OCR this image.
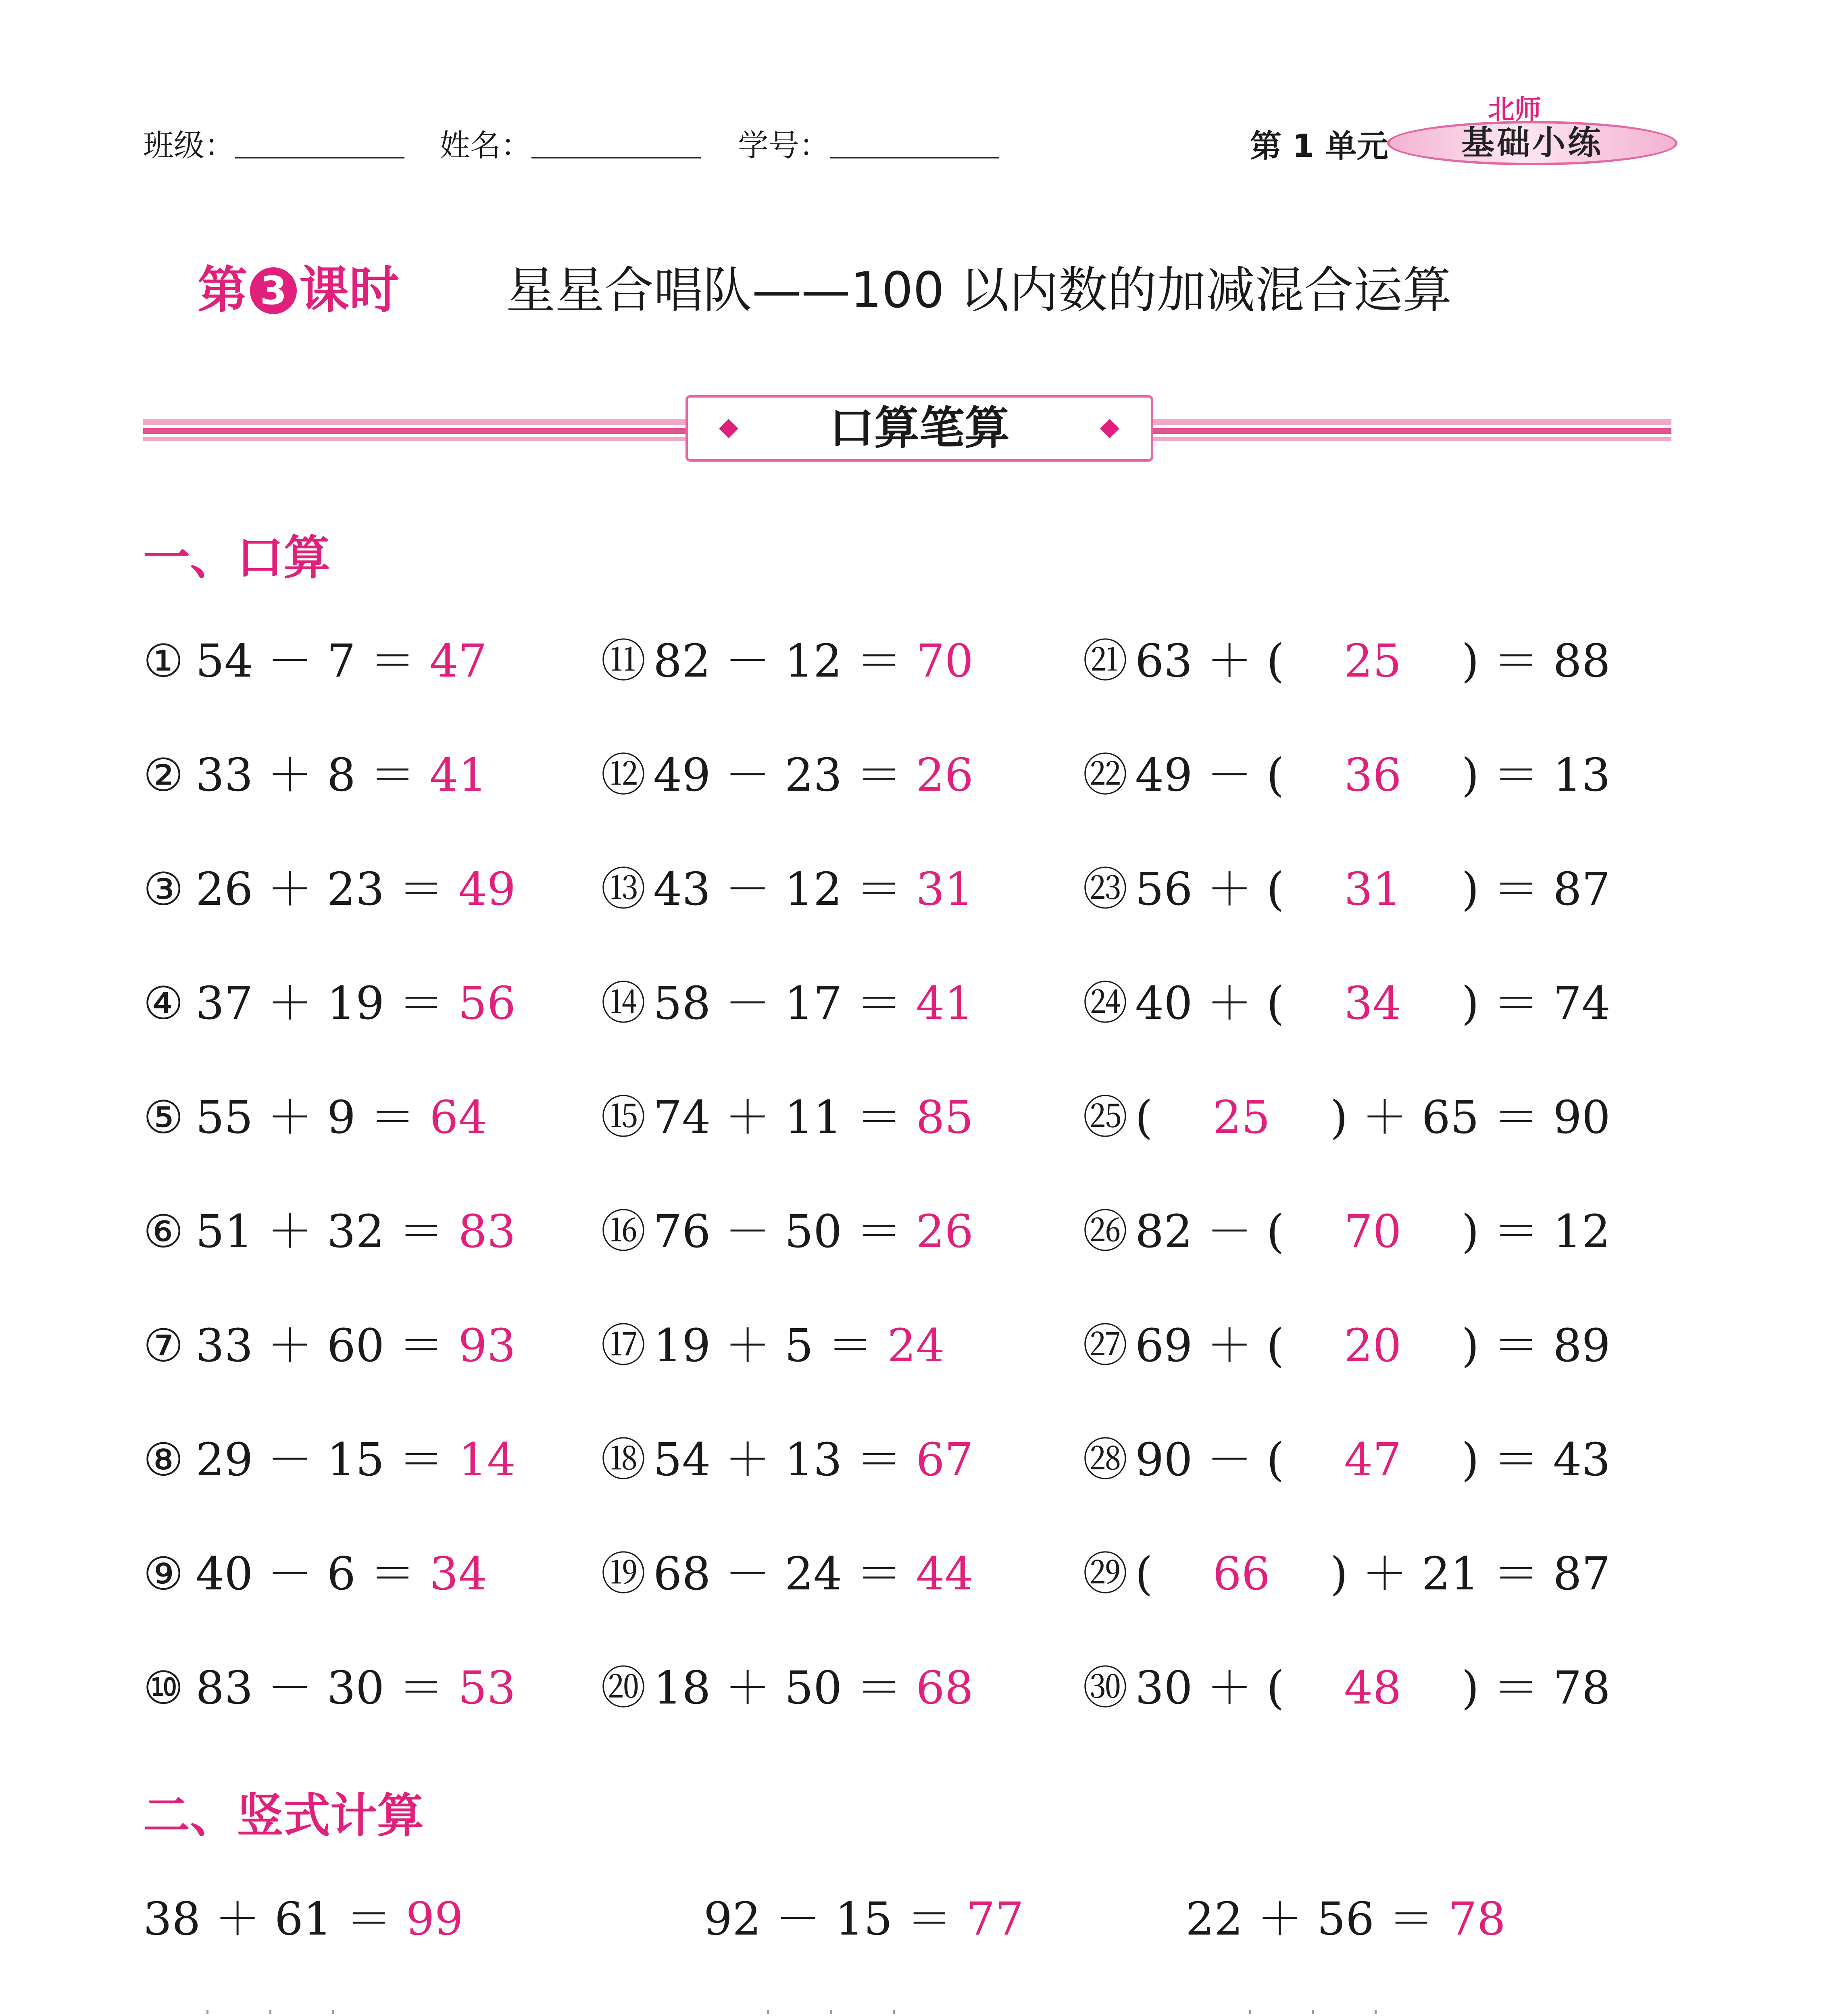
班级：	姓名：	学号：	第 1 单元
北师
基础小练
第 3 课时 星星合唱队——100 以内数的加减混合运算
口算笔算
一、口算
① 54 － 7 ＝ 47
② 33 ＋ 8 ＝ 41
③ 26 ＋ 23 ＝ 49
④ 37 ＋ 19 ＝ 56
⑤ 55 ＋ 9 ＝ 64
⑥ 51 ＋ 32 ＝ 83
⑦ 33 ＋ 60 ＝ 93
⑧ 29 － 15 ＝ 14
⑨ 40 － 6 ＝ 34
⑩ 83 － 30 ＝ 53
⑪ 82 － 12 ＝ 70
⑫ 49 － 23 ＝ 26
⑬ 43 － 12 ＝ 31
⑭ 58 － 17 ＝ 41
⑮ 74 ＋ 11 ＝ 85
⑯ 76 － 50 ＝ 26
⑰ 19 ＋ 5 ＝ 24
⑱ 54 ＋ 13 ＝ 67
⑲ 68 － 24 ＝ 44
⑳ 18 ＋ 50 ＝ 68
㉑ 63 ＋ ( 25 ) ＝ 88
㉒ 49 － ( 36 ) ＝ 13
㉓ 56 ＋ ( 31 ) ＝ 87
㉔ 40 ＋ ( 34 ) ＝ 74
㉕ ( 25 ) ＋ 65 ＝ 90
㉖ 82 － ( 70 ) ＝ 12
㉗ 69 ＋ ( 20 ) ＝ 89
㉘ 90 － ( 47 ) ＝ 43
㉙ ( 66 ) ＋ 21 ＝ 87
㉚ 30 ＋ ( 48 ) ＝ 78
二、竖式计算
38 ＋ 61 ＝ 99	92 － 15 ＝ 77	22 ＋ 56 ＝ 78
